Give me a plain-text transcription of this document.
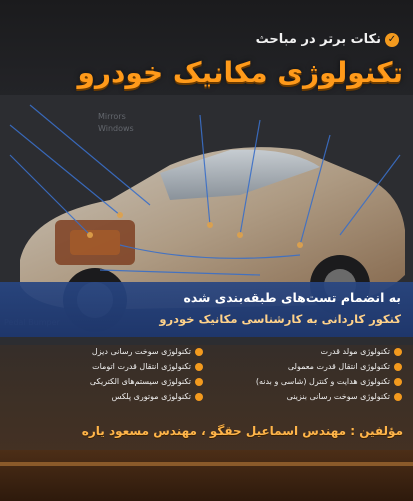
✓
نکات برتر در مباحث
تکنولوژی مکانیک خودرو
Mirrors
Windows
به انضمام تست‌های طبقه‌بندی شده
کنکور کاردانی به کارشناسی مکانیک خودرو
تکنولوژی مولد قدرت
تکنولوژی انتقال قدرت معمولی
تکنولوژی هدایت و کنترل (شاسی و بدنه)
تکنولوژی سوخت رسانی بنزینی
تکنولوژی سوخت رسانی دیزل
تکنولوژی انتقال قدرت اتومات
تکنولوژی سیستم‌های الکتریکی
تکنولوژی موتوری پلکس
مؤلفین : مهندس اسماعیل حقگو ، مهندس مسعود یاره
